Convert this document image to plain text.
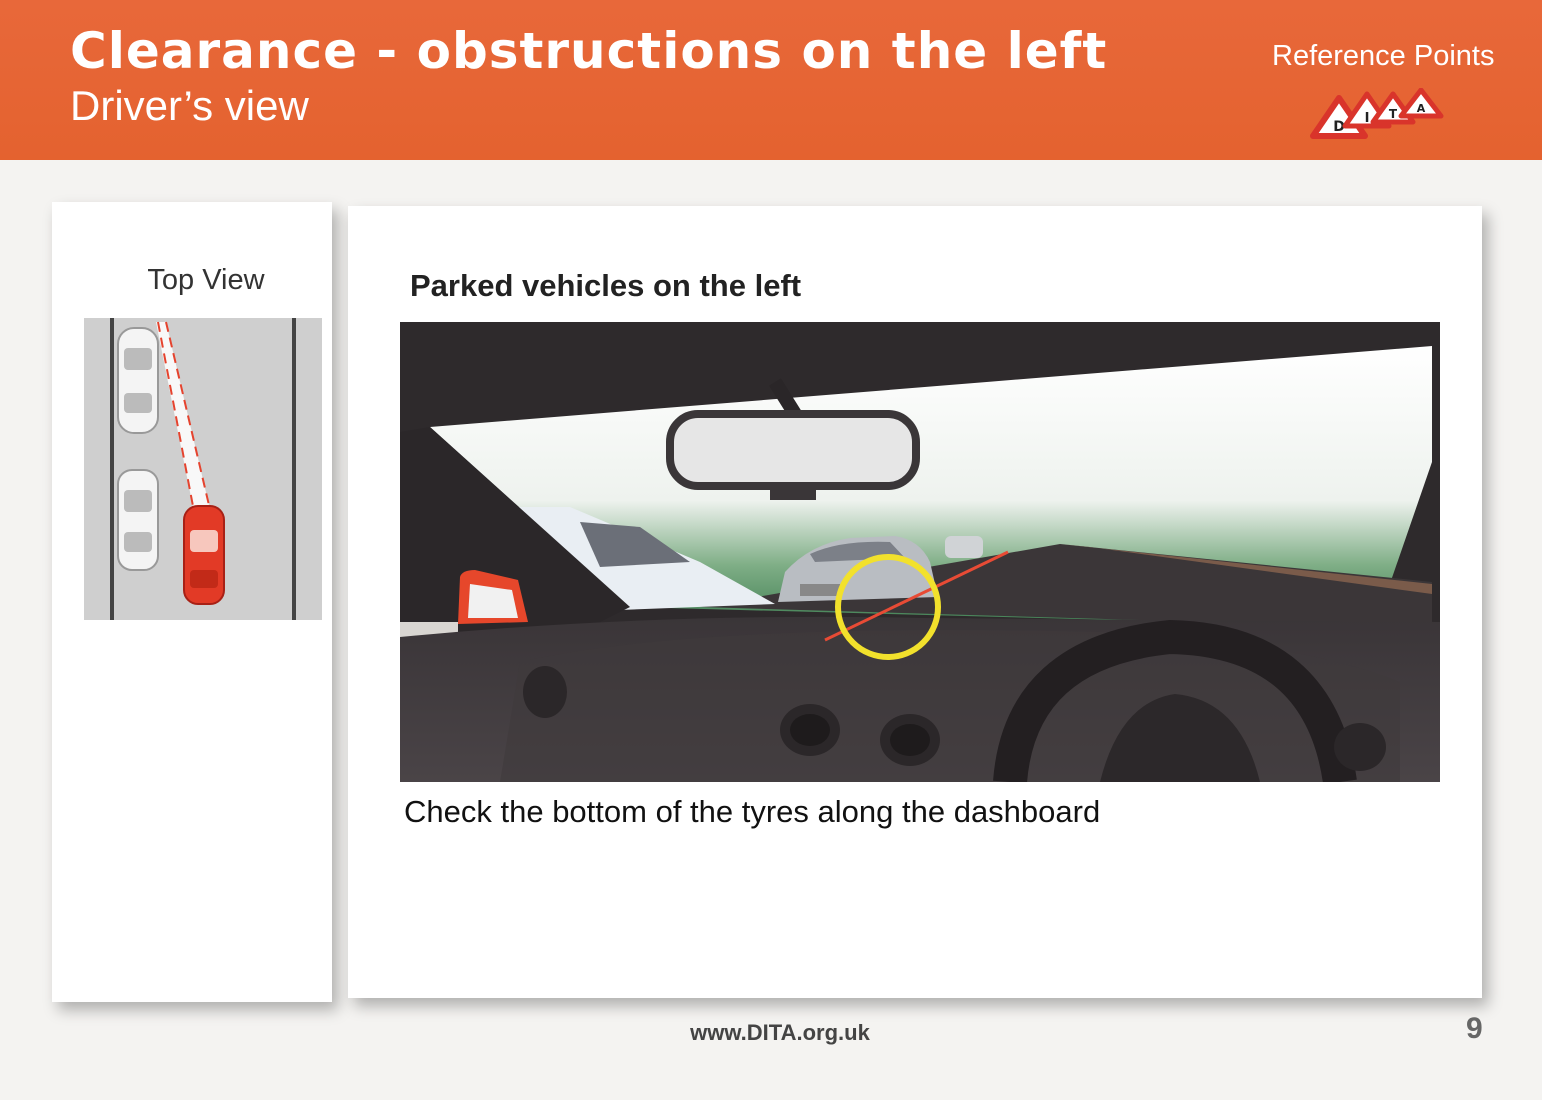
Clearance - obstructions on the left
Driver’s view
Reference Points
D
I T A
Top View	Parked vehicles on the left
Check the bottom of the tyres along the dashboard
www.DITA.org.uk	9
